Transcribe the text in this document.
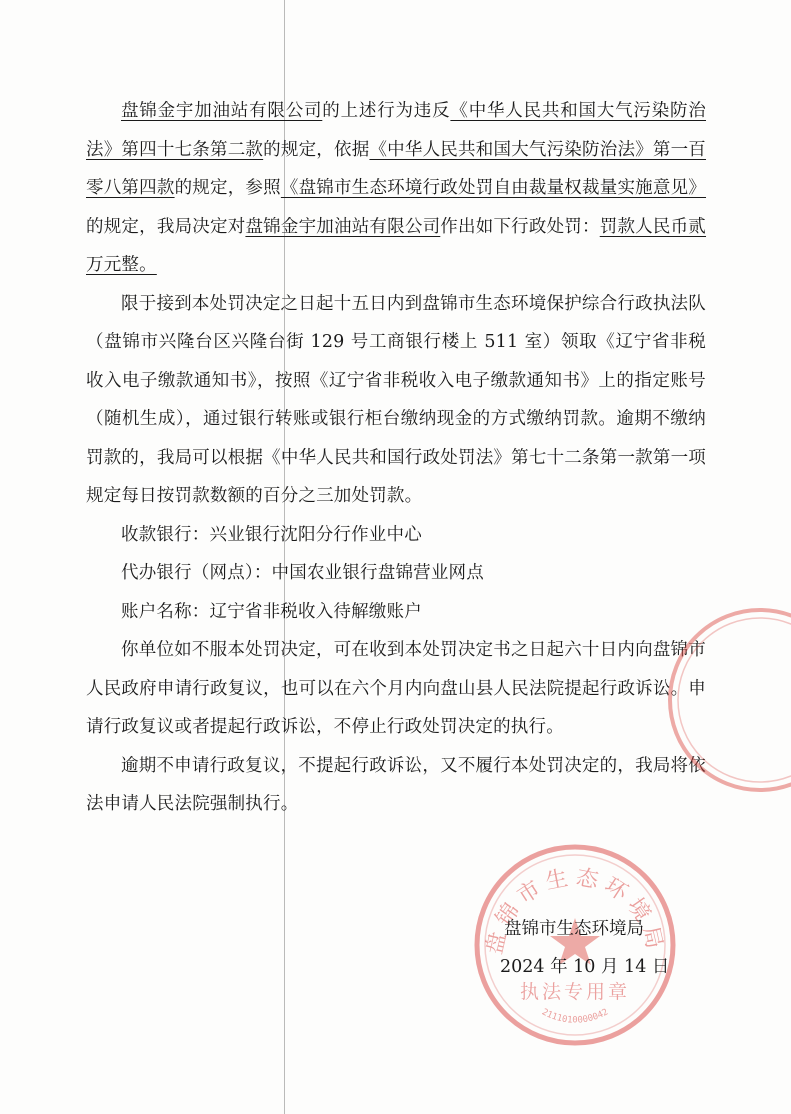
盘锦金宇加油站有限公司的上述行为违反《中华人民共和国大气污染防治法》第四十七条第二款的规定，依据《中华人民共和国大气污染防治法》第一百零八第四款的规定，参照《盘锦市生态环境行政处罚自由裁量权裁量实施意见》的规定，我局决定对盘锦金宇加油站有限公司作出如下行政处罚：罚款人民币贰万元整。

限于接到本处罚决定之日起十五日内到盘锦市生态环境保护综合行政执法队（盘锦市兴隆台区兴隆台街 129 号工商银行楼上 511 室）领取《辽宁省非税收入电子缴款通知书》，按照《辽宁省非税收入电子缴款通知书》上的指定账号（随机生成），通过银行转账或银行柜台缴纳现金的方式缴纳罚款。逾期不缴纳罚款的，我局可以根据《中华人民共和国行政处罚法》第七十二条第一款第一项规定每日按罚款数额的百分之三加处罚款。

收款银行：兴业银行沈阳分行作业中心

代办银行（网点）：中国农业银行盘锦营业网点

账户名称：辽宁省非税收入待解缴账户

你单位如不服本处罚决定，可在收到本处罚决定书之日起六十日内向盘锦市人民政府申请行政复议，也可以在六个月内向盘山县人民法院提起行政诉讼。申请行政复议或者提起行政诉讼，不停止行政处罚决定的执行。

逾期不申请行政复议，不提起行政诉讼，又不履行本处罚决定的，我局将依法申请人民法院强制执行。

盘锦市生态环境局
执法专用章
2111010000042
盘锦市生态环境局
2024 年 10 月 14 日
